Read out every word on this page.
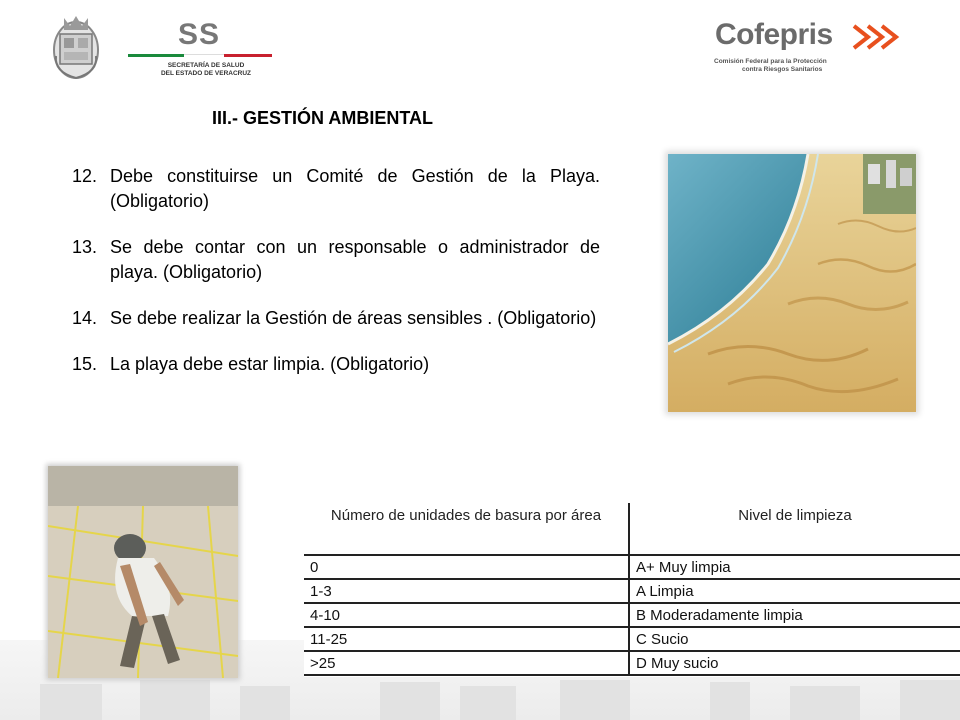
SS
SECRETARÍA DE SALUD
DEL ESTADO DE VERACRUZ
Cofepris
Comisión Federal para la Protección
contra Riesgos Sanitarios
III.- GESTIÓN AMBIENTAL
12. Debe constituirse un Comité de Gestión de la Playa. (Obligatorio)
13. Se debe contar con un responsable o administrador de playa. (Obligatorio)
14. Se debe realizar la Gestión de áreas sensibles . (Obligatorio)
15. La playa debe estar limpia. (Obligatorio)
Número de unidades de basura por área	Nivel de limpieza
0	A+ Muy limpia
1-3	A Limpia
4-10	B Moderadamente limpia
11-25	C Sucio
>25	D Muy sucio
